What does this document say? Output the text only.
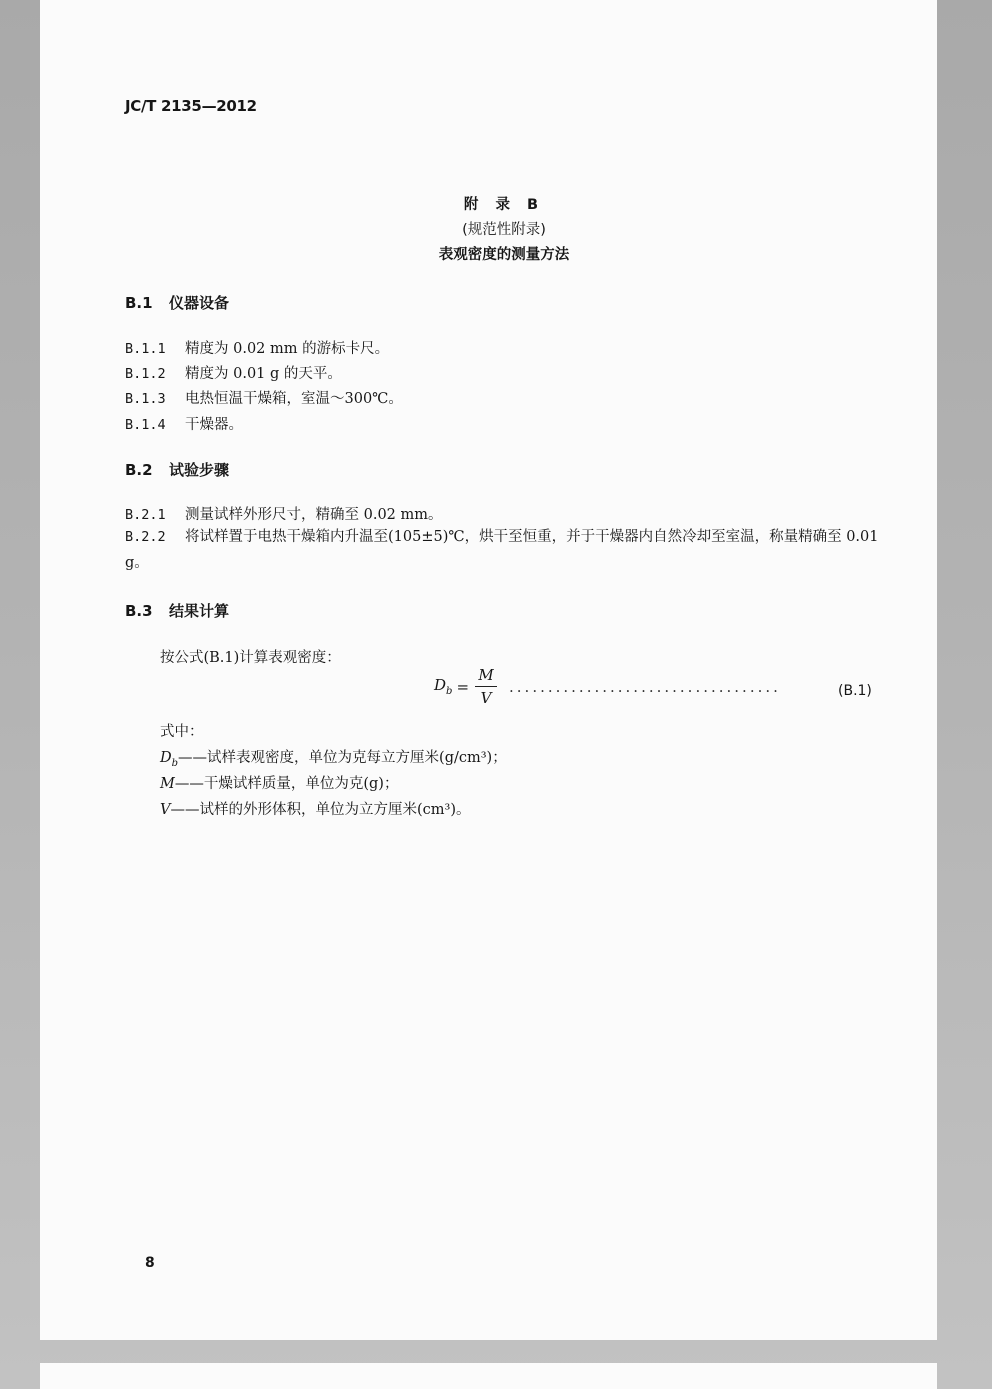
JC/T 2135—2012
附 录 B
(规范性附录)
表观密度的测量方法
B.1 仪器设备
B.1.1 精度为 0.02 mm 的游标卡尺。
B.1.2 精度为 0.01 g 的天平。
B.1.3 电热恒温干燥箱，室温～300℃。
B.1.4 干燥器。
B.2 试验步骤
B.2.1 测量试样外形尺寸，精确至 0.02 mm。
B.2.2 将试样置于电热干燥箱内升温至(105±5)℃，烘干至恒重，并于干燥器内自然冷却至室温，称量精确至 0.01 g。
B.3 结果计算
按公式(B.1)计算表观密度：
$D_b = \frac{M}{V}$ ...................................	(B.1)
式中：
$D_b——$试样表观密度，单位为克每立方厘米(g/cm³)；
M——干燥试样质量，单位为克(g)；
V——试样的外形体积，单位为立方厘米(cm³)。
8
